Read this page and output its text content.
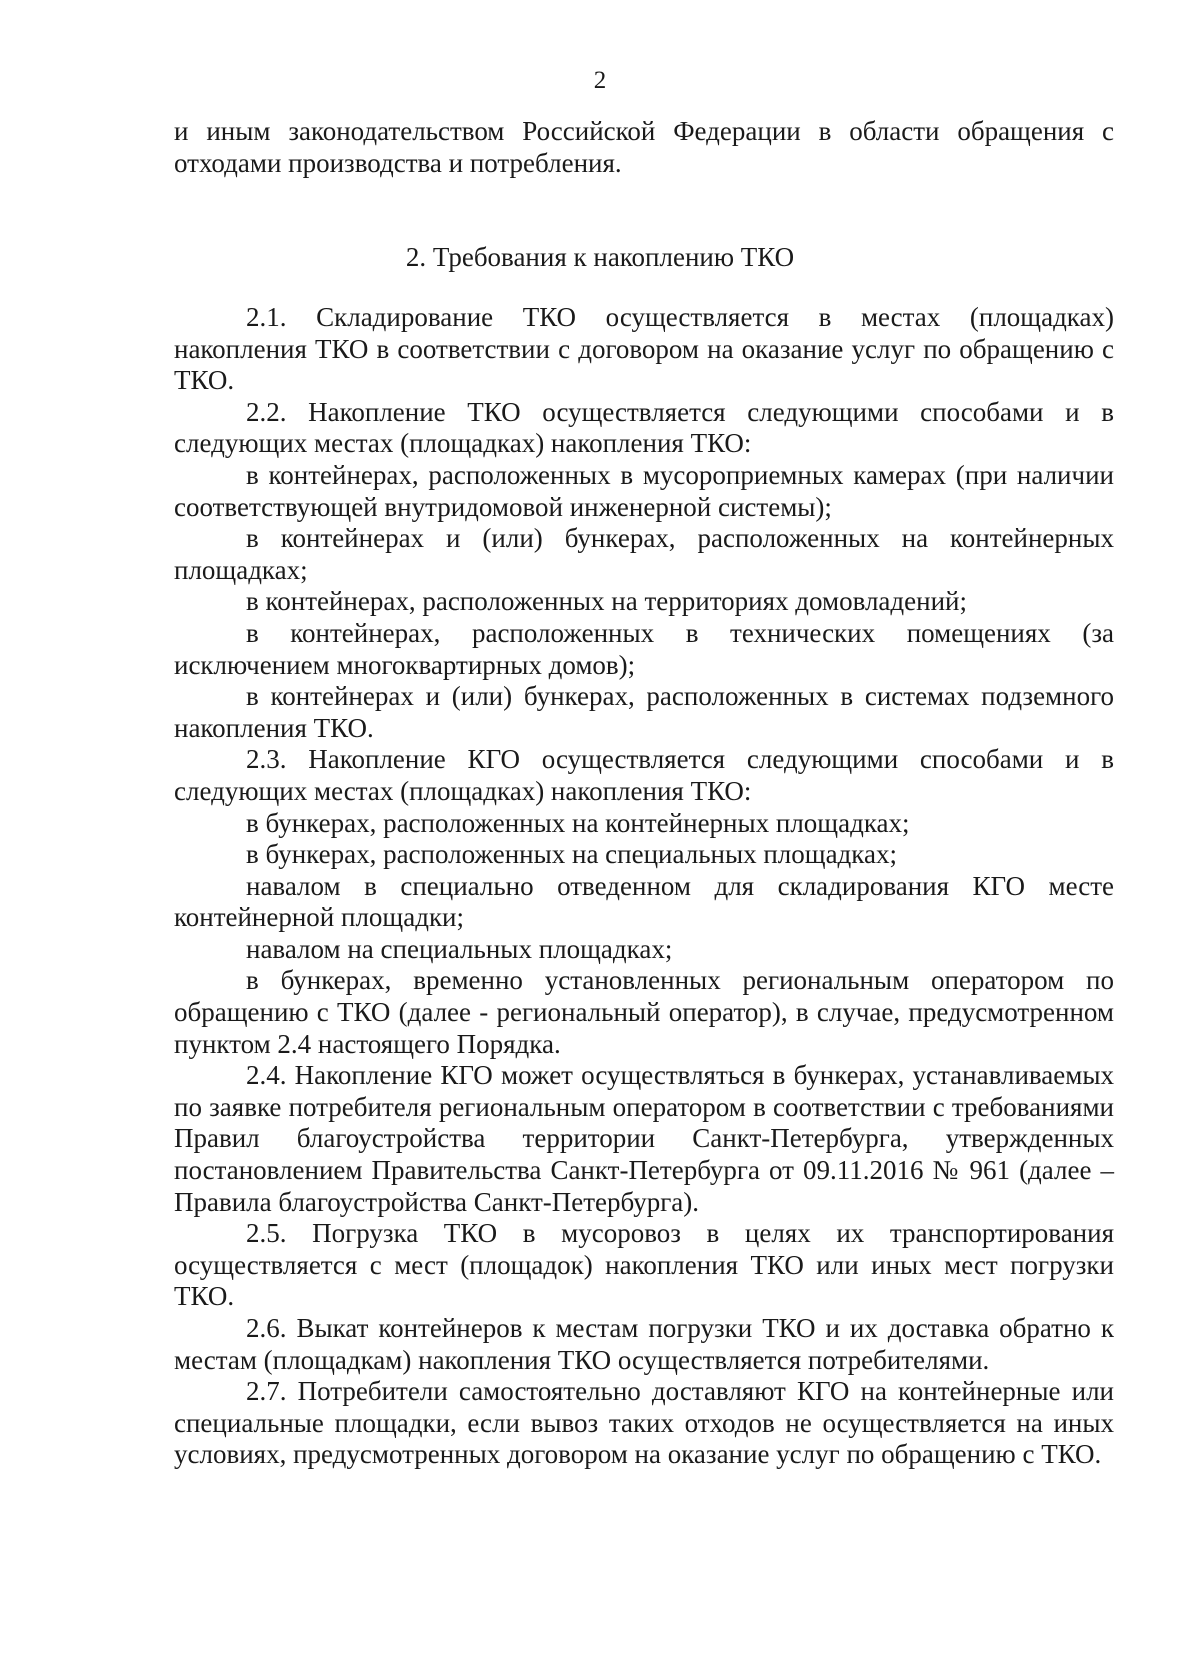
2

и иным законодательством Российской Федерации в области обращения с отходами производства и потребления.

2. Требования к накоплению ТКО

2.1. Складирование ТКО осуществляется в местах (площадках) накопления ТКО в соответствии с договором на оказание услуг по обращению с ТКО.

2.2. Накопление ТКО осуществляется следующими способами и в следующих местах (площадках) накопления ТКО:

в контейнерах, расположенных в мусороприемных камерах (при наличии соответствующей внутридомовой инженерной системы);

в контейнерах и (или) бункерах, расположенных на контейнерных площадках;

в контейнерах, расположенных на территориях домовладений;

в контейнерах, расположенных в технических помещениях (за исключением многоквартирных домов);

в контейнерах и (или) бункерах, расположенных в системах подземного накопления ТКО.

2.3. Накопление КГО осуществляется следующими способами и в следующих местах (площадках) накопления ТКО:

в бункерах, расположенных на контейнерных площадках;

в бункерах, расположенных на специальных площадках;

навалом в специально отведенном для складирования КГО месте контейнерной площадки;

навалом на специальных площадках;

в бункерах, временно установленных региональным оператором по обращению с ТКО (далее - региональный оператор), в случае, предусмотренном пунктом 2.4 настоящего Порядка.

2.4. Накопление КГО может осуществляться в бункерах, устанавливаемых по заявке потребителя региональным оператором в соответствии с требованиями Правил благоустройства территории Санкт-Петербурга, утвержденных постановлением Правительства Санкт-Петербурга от 09.11.2016 № 961 (далее – Правила благоустройства Санкт-Петербурга).

2.5. Погрузка ТКО в мусоровоз в целях их транспортирования осуществляется с мест (площадок) накопления ТКО или иных мест погрузки ТКО.

2.6. Выкат контейнеров к местам погрузки ТКО и их доставка обратно к местам (площадкам) накопления ТКО осуществляется потребителями.

2.7. Потребители самостоятельно доставляют КГО на контейнерные или специальные площадки, если вывоз таких отходов не осуществляется на иных условиях, предусмотренных договором на оказание услуг по обращению с ТКО.
